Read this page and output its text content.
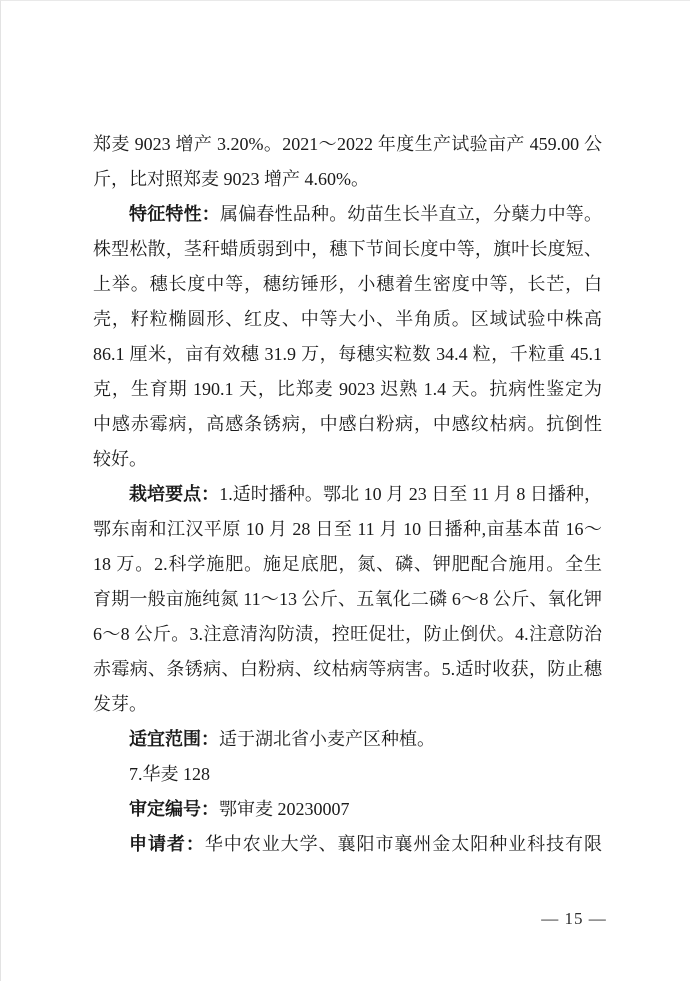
郑麦 9023 增产 3.20%。2021～2022 年度生产试验亩产 459.00 公
斤，比对照郑麦 9023 增产 4.60%。
特征特性：属偏春性品种。幼苗生长半直立，分蘖力中等。
株型松散，茎秆蜡质弱到中，穗下节间长度中等，旗叶长度短、
上举。穗长度中等，穗纺锤形，小穗着生密度中等，长芒，白
壳，籽粒椭圆形、红皮、中等大小、半角质。区域试验中株高
86.1 厘米，亩有效穗 31.9 万，每穗实粒数 34.4 粒，千粒重 45.1
克，生育期 190.1 天，比郑麦 9023 迟熟 1.4 天。抗病性鉴定为
中感赤霉病，高感条锈病，中感白粉病，中感纹枯病。抗倒性
较好。
栽培要点：1.适时播种。鄂北 10 月 23 日至 11 月 8 日播种，
鄂东南和江汉平原 10 月 28 日至 11 月 10 日播种,亩基本苗 16～
18 万。2.科学施肥。施足底肥，氮、磷、钾肥配合施用。全生
育期一般亩施纯氮 11～13 公斤、五氧化二磷 6～8 公斤、氧化钾
6～8 公斤。3.注意清沟防渍，控旺促壮，防止倒伏。4.注意防治
赤霉病、条锈病、白粉病、纹枯病等病害。5.适时收获，防止穗
发芽。
适宜范围：适于湖北省小麦产区种植。
7.华麦 128
审定编号：鄂审麦 20230007
申请者：华中农业大学、襄阳市襄州金太阳种业科技有限
— 15 —
